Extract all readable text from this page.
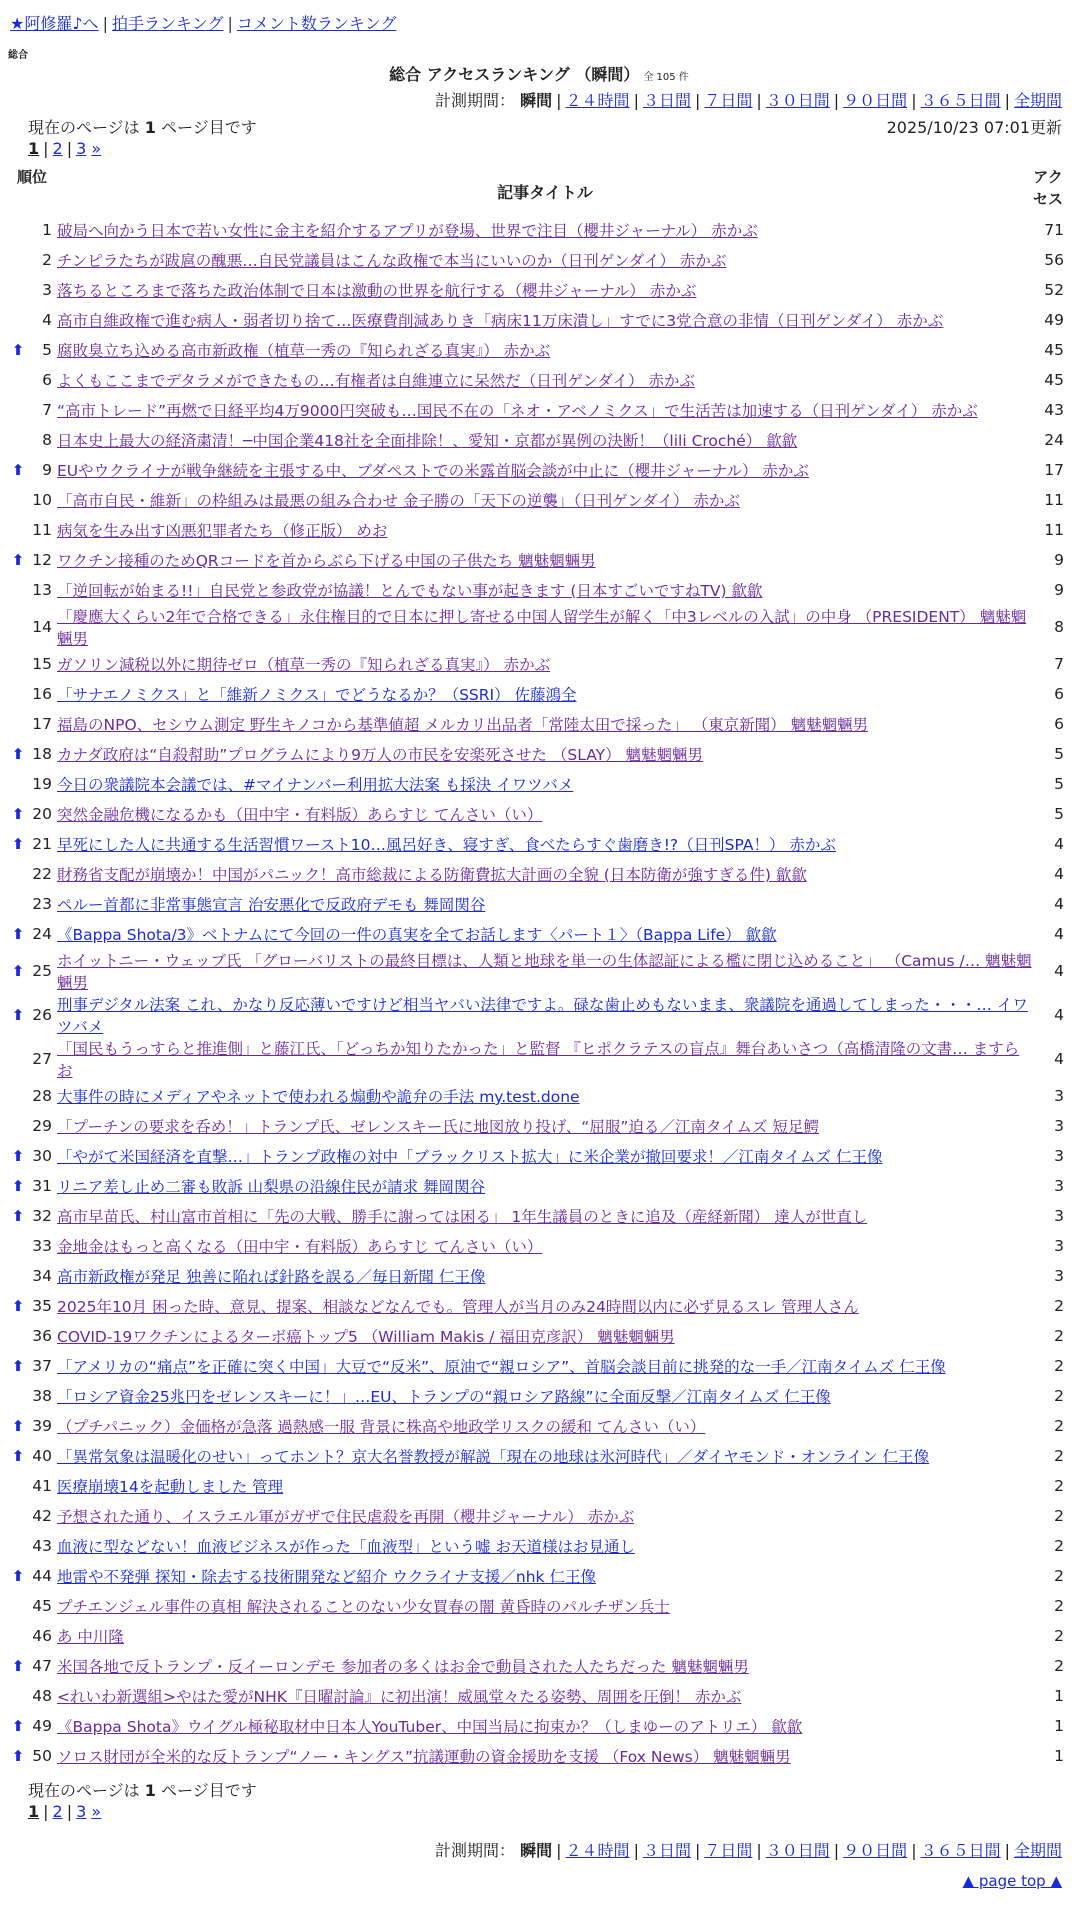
★阿修羅♪へ | 拍手ランキング | コメント数ランキング
総合
総合 アクセスランキング （瞬間） 全 105 件
計測期間： 瞬間 | ２４時間 | ３日間 | ７日間 | ３０日間 | ９０日間 | ３６５日間 | 全期間
現在のページは 1 ページ目です	2025/10/23 07:01更新
1 | 2 | 3 »
順位
記事タイトル
アクセス
1 破局へ向かう日本で若い女性に金主を紹介するアプリが登場、世界で注目（櫻井ジャーナル） 赤かぶ	71
2 チンピラたちが跋扈の醜悪…自民党議員はこんな政権で本当にいいのか（日刊ゲンダイ） 赤かぶ	56
3 落ちるところまで落ちた政治体制で日本は激動の世界を航行する（櫻井ジャーナル） 赤かぶ	52
4 高市自維政権で進む病人・弱者切り捨て…医療費削減ありき「病床11万床潰し」すでに3党合意の非情（日刊ゲンダイ） 赤かぶ	49
⬆	5 腐敗臭立ち込める高市新政権（植草一秀の『知られざる真実』） 赤かぶ	45
6 よくもここまでデタラメができたもの…有権者は自維連立に呆然だ（日刊ゲンダイ） 赤かぶ	45
7 “高市トレード”再燃で日経平均4万9000円突破も…国民不在の「ネオ・アベノミクス」で生活苦は加速する（日刊ゲンダイ） 赤かぶ	43
8 日本史上最大の経済粛清！─中国企業418社を全面排除！、愛知・京都が異例の決断！（lili Croché） 歙歙	24
⬆	9 EUやウクライナが戦争継続を主張する中、ブダペストでの米露首脳会談が中止に（櫻井ジャーナル） 赤かぶ	17
10 「高市自民・維新」の枠組みは最悪の組み合わせ 金子勝の「天下の逆襲」（日刊ゲンダイ） 赤かぶ	11
11 病気を生み出す凶悪犯罪者たち（修正版） めお	11
⬆ 12 ワクチン接種のためQRコードを首からぶら下げる中国の子供たち 魑魅魍魎男	9
13 「逆回転が始まる!!」自民党と参政党が協議！とんでもない事が起きます (日本すごいですねTV) 歙歙	9
14
「慶應大くらい2年で合格できる」永住権目的で日本に押し寄せる中国人留学生が解く「中3レベルの入試」の中身 （PRESIDENT） 魑魅魍魎男
8
15 ガソリン減税以外に期待ゼロ（植草一秀の『知られざる真実』） 赤かぶ	7
16 「サナエノミクス」と「維新ノミクス」でどうなるか？（SSRI） 佐藤鴻全	6
17 福島のNPO、セシウム測定 野生キノコから基準値超 メルカリ出品者「常陸太田で採った」 （東京新聞） 魑魅魍魎男	6
⬆ 18 カナダ政府は“自殺幇助”プログラムにより9万人の市民を安楽死させた （SLAY） 魑魅魍魎男	5
19 今日の衆議院本会議では、#マイナンバー利用拡大法案 も採決 イワツバメ	5
⬆ 20 突然金融危機になるかも（田中宇・有料版）あらすじ てんさい（い）	5
⬆ 21 早死にした人に共通する生活習慣ワースト10…風呂好き、寝すぎ、食べたらすぐ歯磨き!?（日刊SPA！） 赤かぶ	4
22 財務省支配が崩壊か！中国がパニック！高市総裁による防衛費拡大計画の全貌 (日本防衛が強すぎる件) 歙歙	4
23 ペルー首都に非常事態宣言 治安悪化で反政府デモも 舞岡関谷	4
⬆ 24 《Bappa Shota/3》ベトナムにて今回の一件の真実を全てお話します〈パート１〉（Bappa Life） 歙歙	4
⬆ 25
ホイットニー・ウェッブ氏 「グローバリストの最終目標は、人類と地球を単一の生体認証による檻に閉じ込めること」 （Camus /… 魑魅魍魎男
4
⬆ 26
刑事デジタル法案 これ、かなり反応薄いですけど相当ヤバい法律ですよ。碌な歯止めもないまま、衆議院を通過してしまった・・・… イワツバメ
4
27
「国民もうっすらと推進側」と藤江氏、「どっちか知りたかった」と監督 『ヒポクラテスの盲点』舞台あいさつ（高橋清隆の文書… ますらお
4
28 大事件の時にメディアやネットで使われる煽動や詭弁の手法 my.test.done	3
29 「プーチンの要求を呑め！」トランプ氏、ゼレンスキー氏に地図放り投げ、“屈服”迫る／江南タイムズ 短足鰐	3
⬆ 30 「やがて米国経済を直撃…」トランプ政権の対中「ブラックリスト拡大」に米企業が撤回要求！／江南タイムズ 仁王像	3
⬆ 31 リニア差し止め二審も敗訴 山梨県の沿線住民が請求 舞岡関谷	3
⬆ 32 高市早苗氏、村山富市首相に「先の大戦、勝手に謝っては困る」 1年生議員のときに追及（産経新聞） 達人が世直し	3
33 金地金はもっと高くなる（田中宇・有料版）あらすじ てんさい（い）	3
34 高市新政権が発足 独善に陥れば針路を誤る／毎日新聞 仁王像	3
⬆ 35 2025年10月 困った時、意見、提案、相談などなんでも。管理人が当月のみ24時間以内に必ず見るスレ 管理人さん	2
36 COVID-19ワクチンによるターボ癌トップ5 （William Makis / 福田克彦訳） 魑魅魍魎男	2
⬆ 37 「アメリカの“痛点”を正確に突く中国」大豆で“反米”、原油で“親ロシア”、首脳会談目前に挑発的な一手／江南タイムズ 仁王像	2
38 「ロシア資金25兆円をゼレンスキーに！」…EU、トランプの“親ロシア路線”に全面反撃／江南タイムズ 仁王像	2
⬆ 39 （プチパニック）金価格が急落 過熱感一服 背景に株高や地政学リスクの緩和 てんさい（い）	2
⬆ 40 「異常気象は温暖化のせい」ってホント？京大名誉教授が解説「現在の地球は氷河時代」／ダイヤモンド・オンライン 仁王像	2
41 医療崩壊14を起動しました 管理	2
42 予想された通り、イスラエル軍がガザで住民虐殺を再開（櫻井ジャーナル） 赤かぶ	2
43 血液に型などない！血液ビジネスが作った「血液型」という嘘 お天道様はお見通し	2
⬆ 44 地雷や不発弾 探知・除去する技術開発など紹介 ウクライナ支援／nhk 仁王像	2
45 プチエンジェル事件の真相 解決されることのない少女買春の闇 黄昏時のパルチザン兵士	2
46 あ 中川隆	2
⬆ 47 米国各地で反トランプ・反イーロンデモ 参加者の多くはお金で動員された人たちだった 魑魅魍魎男	2
48 <れいわ新選組>やはた愛がNHK『日曜討論』に初出演！威風堂々たる姿勢、周囲を圧倒！ 赤かぶ	1
⬆ 49 《Bappa Shota》ウイグル極秘取材中日本人YouTuber、中国当局に拘束か？（しまゆーのアトリエ） 歙歙	1
⬆ 50 ソロス財団が全米的な反トランプ“ノー・キングス”抗議運動の資金援助を支援 （Fox News） 魑魅魍魎男	1
現在のページは 1 ページ目です
1 | 2 | 3 »
計測期間： 瞬間 | ２４時間 | ３日間 | ７日間 | ３０日間 | ９０日間 | ３６５日間 | 全期間
▲ page top ▲
